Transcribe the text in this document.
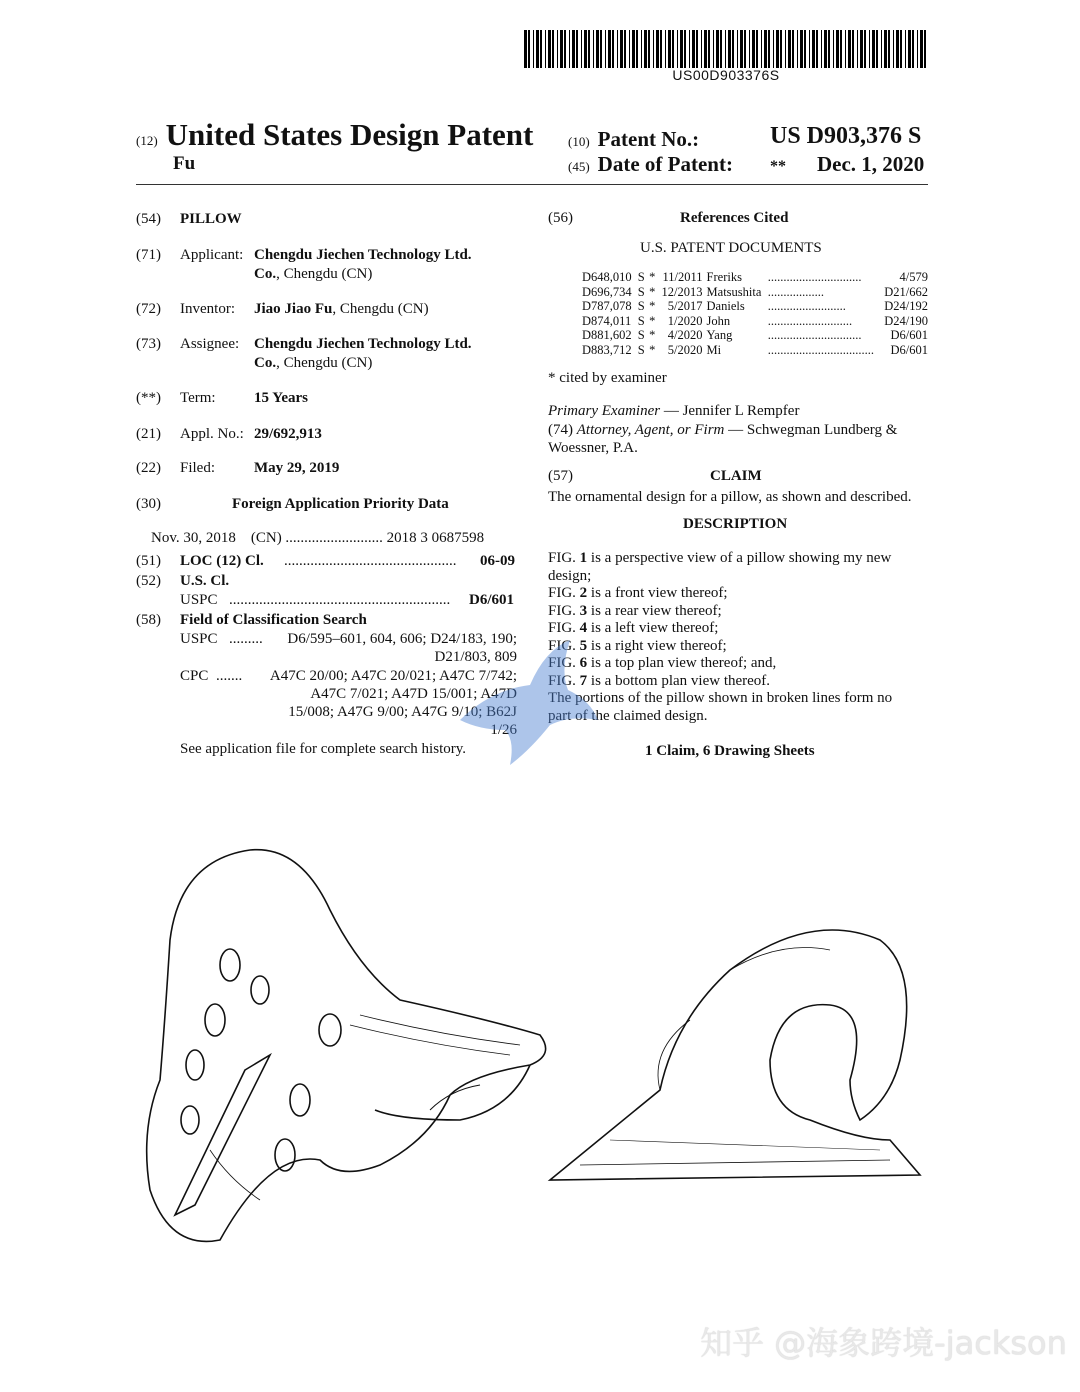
US00D903376S
(12) United States Design Patent
Fu
(10) Patent No.:	US D903,376 S
(45) Date of Patent: ** Dec. 1, 2020
(54) PILLOW
(71) Applicant: Chengdu Jiechen Technology Ltd.
Co., Chengdu (CN)
(72) Inventor: Jiao Jiao Fu, Chengdu (CN)
(73) Assignee: Chengdu Jiechen Technology Ltd.
Co., Chengdu (CN)
(**) Term:	15 Years
(21) Appl. No.: 29/692,913
(22) Filed:	May 29, 2019
(30)	Foreign Application Priority Data
Nov. 30, 2018    (CN) .......................... 2018 3 0687598
(51) LOC (12) Cl. ..............................................	06-09
(52) U.S. Cl.
USPC ...........................................................	D6/601
(58) Field of Classification Search
USPC .........	D6/595–601, 604, 606; D24/183, 190;
D21/803, 809
CPC .......	A47C 20/00; A47C 20/021; A47C 7/742;
A47C 7/021; A47D 15/001; A47D
15/008; A47G 9/00; A47G 9/10; B62J
1/26
See application file for complete search history.
(56)	References Cited
U.S. PATENT DOCUMENTS
D648,010	S	*	11/2011	Freriks	..............................	4/579
D696,734	S	*	12/2013	Matsushita	..................	D21/662
D787,078	S	*	5/2017	Daniels	.........................	D24/192
D874,011	S	*	1/2020	John	...........................	D24/190
D881,602	S	*	4/2020	Yang	..............................	D6/601
D883,712	S	*	5/2020	Mi	..................................	D6/601
* cited by examiner
Primary Examiner — Jennifer L Rempfer
(74) Attorney, Agent, or Firm — Schwegman Lundberg &
Woessner, P.A.
(57)	CLAIM
The ornamental design for a pillow, as shown and described.
DESCRIPTION
FIG. 1 is a perspective view of a pillow showing my new
design;
FIG. 2 is a front view thereof;
FIG. 3 is a rear view thereof;
FIG. 4 is a left view thereof;
FIG. 5 is a right view thereof;
FIG. 6 is a top plan view thereof; and,
FIG. 7 is a bottom plan view thereof.
The portions of the pillow shown in broken lines form no
part of the claimed design.
1 Claim, 6 Drawing Sheets
知乎 @海象跨境-jackson
